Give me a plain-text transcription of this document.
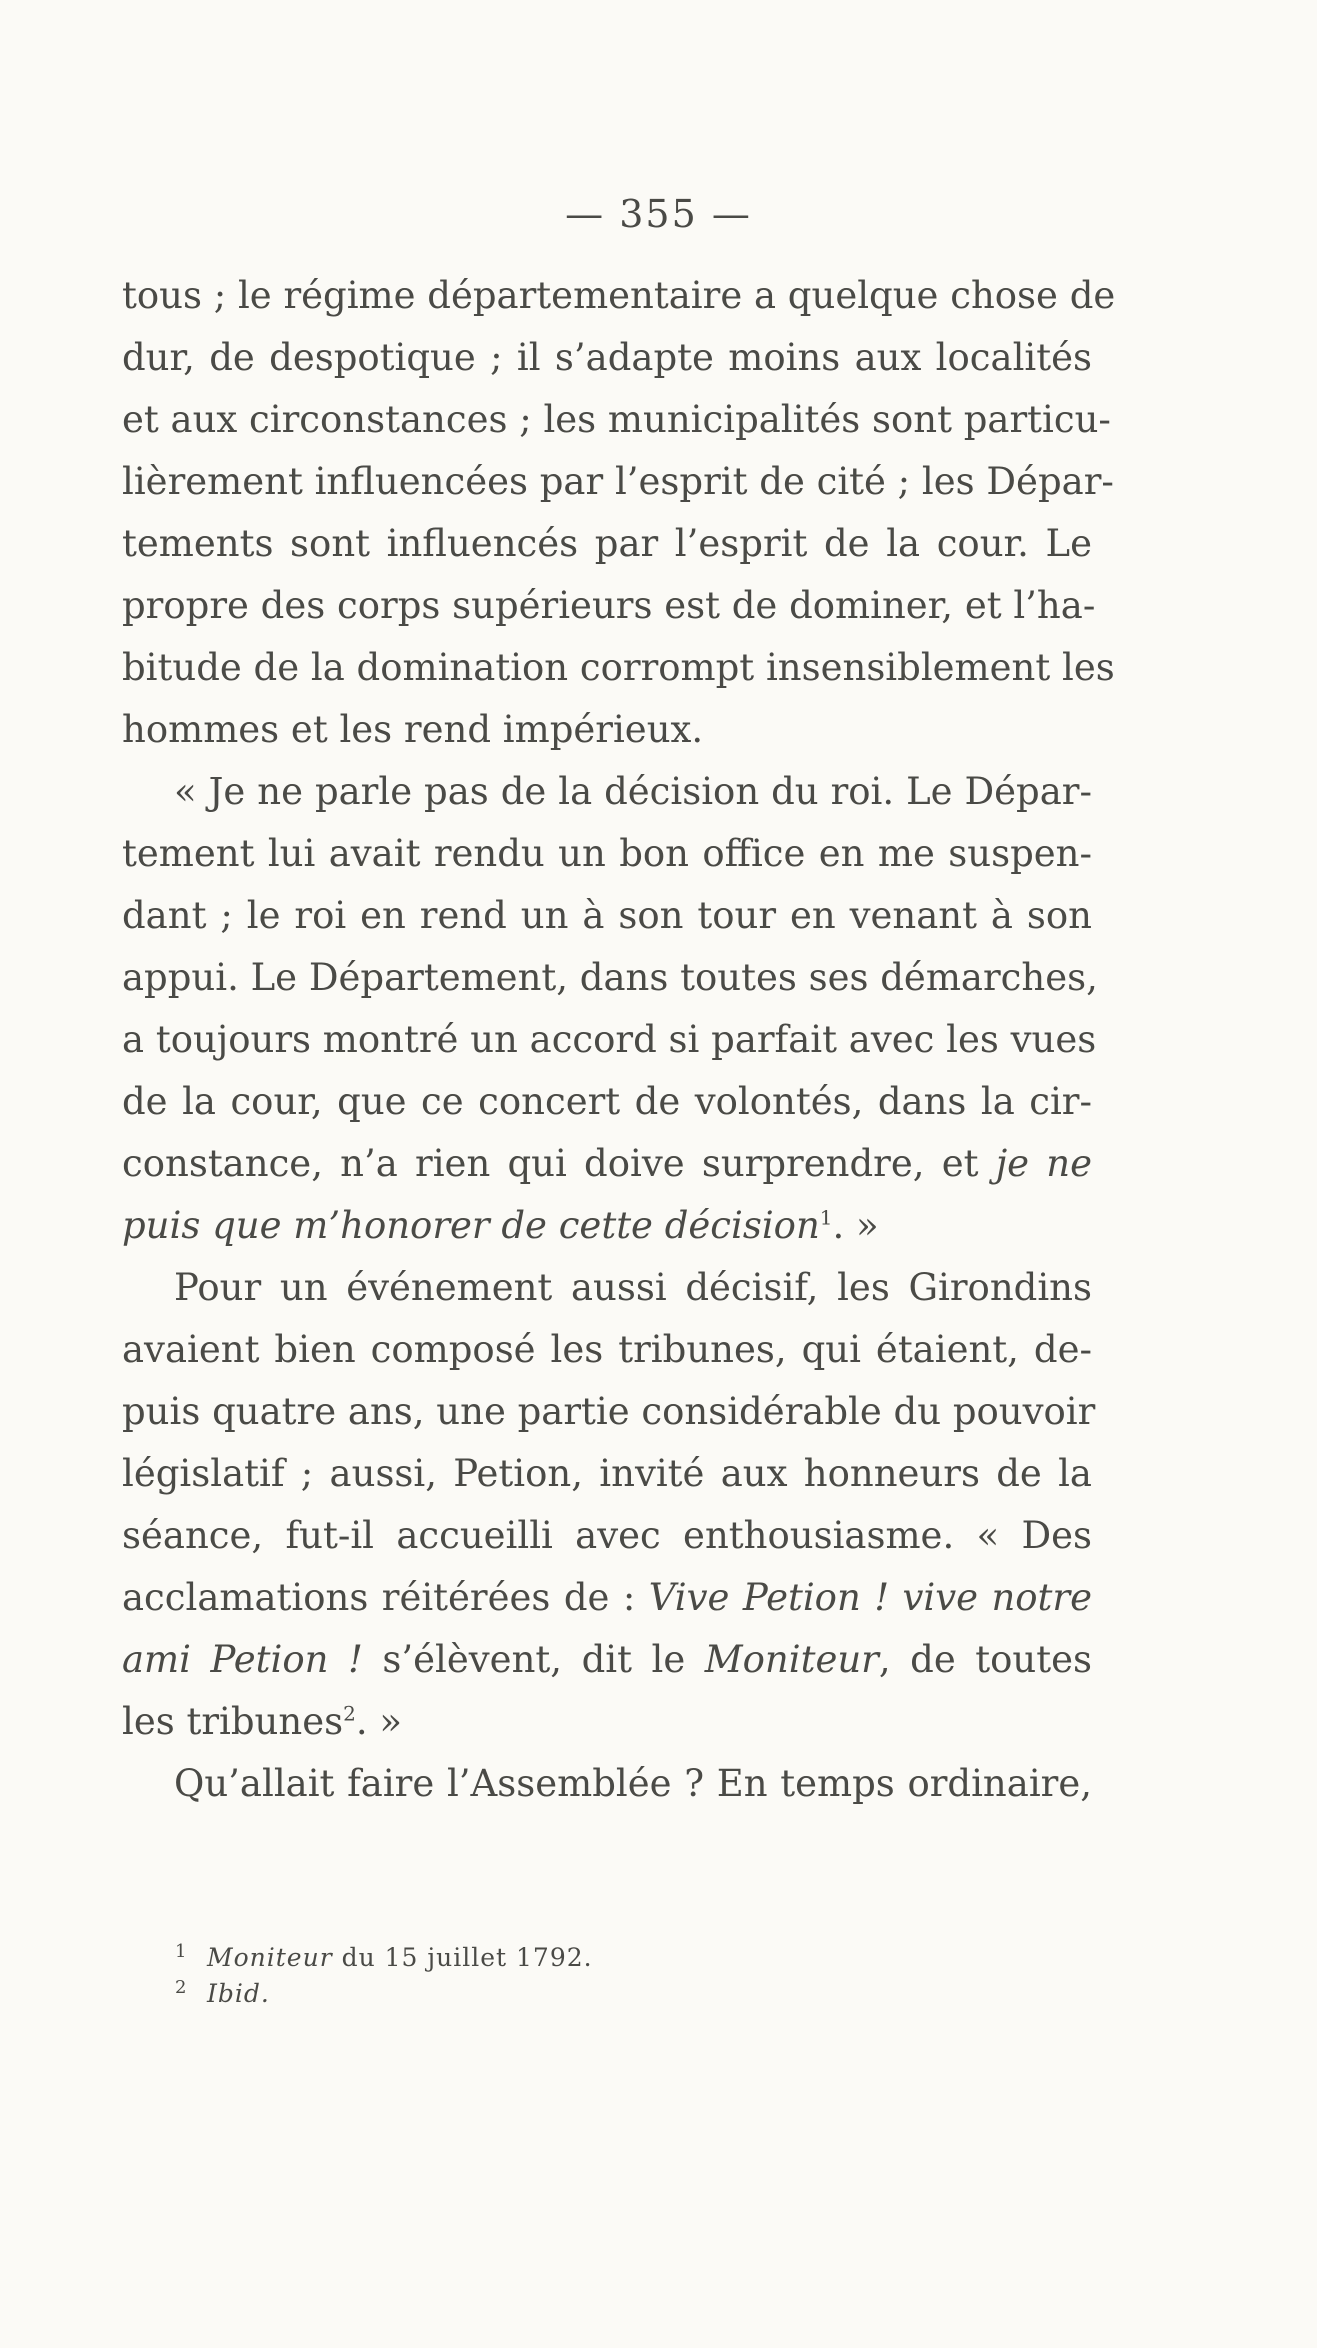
— 355 —
tous ; le régime départementaire a quelque chose de
dur, de despotique ; il s’adapte moins aux localités
et aux circonstances ; les municipalités sont particu-
lièrement influencées par l’esprit de cité ; les Dépar-
tements sont influencés par l’esprit de la cour. Le
propre des corps supérieurs est de dominer, et l’ha-
bitude de la domination corrompt insensiblement les
hommes et les rend impérieux.
« Je ne parle pas de la décision du roi. Le Dépar-
tement lui avait rendu un bon office en me suspen-
dant ; le roi en rend un à son tour en venant à son
appui. Le Département, dans toutes ses démarches,
a toujours montré un accord si parfait avec les vues
de la cour, que ce concert de volontés, dans la cir-
constance, n’a rien qui doive surprendre, et je ne
puis que m’honorer de cette décision$^1$. »
Pour un événement aussi décisif, les Girondins
avaient bien composé les tribunes, qui étaient, de-
puis quatre ans, une partie considérable du pouvoir
législatif ; aussi, Petion, invité aux honneurs de la
séance, fut-il accueilli avec enthousiasme. « Des
acclamations réitérées de : Vive Petion ! vive notre
ami Petion ! s’élèvent, dit le Moniteur, de toutes
les tribunes$^2$. »
Qu’allait faire l’Assemblée ? En temps ordinaire,
1 Moniteur du 15 juillet 1792.
2 Ibid.
